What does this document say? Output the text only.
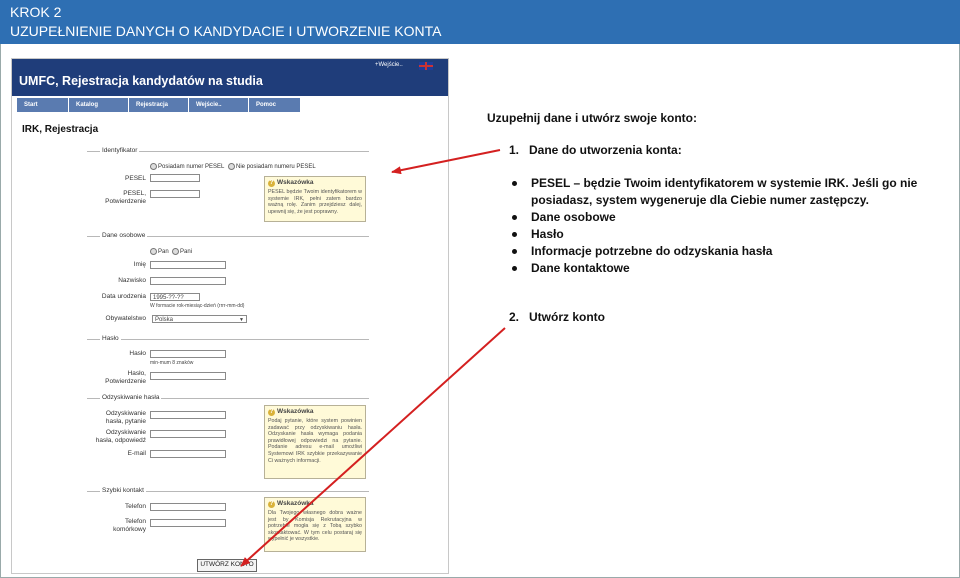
KROK 2
UZUPEŁNIENIE DANYCH O KANDYDACIE I UTWORZENIE KONTA
UMFC, Rejestracja kandydatów na studia
+Wejście..
Start	Katalog	Rejestracja	Wejście..	Pomoc
IRK, Rejestracja
Identyfikator
Posiadam numer PESEL	Nie posiadam numeru PESEL
PESEL
PESEL,
Potwierdzenie
? Wskazówka
PESEL będzie Twoim identyfikatorem w systemie IRK, pełni zatem bardzo ważną rolę. Zanim przejdziesz dalej, upewnij się, że jest poprawny.
Dane osobowe
Pan	Pani
Imię
Nazwisko
Data urodzenia	1995-??-??
W formacie rok-miesiąc-dzień (rrrr-mm-dd)
Obywatelstwo	Polska	▼
Hasło
Hasło
min-mum 8 znaków
Hasło,
Potwierdzenie
Odzyskiwanie hasła
Odzyskiwanie
hasła, pytanie
Odzyskiwanie
hasła, odpowiedź
E-mail
? Wskazówka
Podaj pytanie, które system powinien zadawać przy odzyskiwaniu hasła. Odzyskanie hasła wymaga podania prawidłowej odpowiedzi na pytanie. Podanie adresu e-mail umożliwi Systemowi IRK szybkie przekazywanie Ci ważnych informacji.
Szybki kontakt
Telefon
Telefon
komórkowy
? Wskazówka
Dla Twojego własnego dobra ważne jest by Komisja Rekrutacyjna w potrzebie mogła się z Tobą szybko skontaktować. W tym celu postaraj się wypełnić je wszystkie.
UTWÓRZ KONTO
Uzupełnij dane i utwórz swoje konto:
1.   Dane do utworzenia konta:
PESEL – będzie Twoim identyfikatorem w systemie IRK. Jeśli go nie posiadasz, system wygeneruje dla Ciebie numer zastępczy.
Dane osobowe
Hasło
Informacje potrzebne do odzyskania hasła
Dane kontaktowe
2.   Utwórz konto
